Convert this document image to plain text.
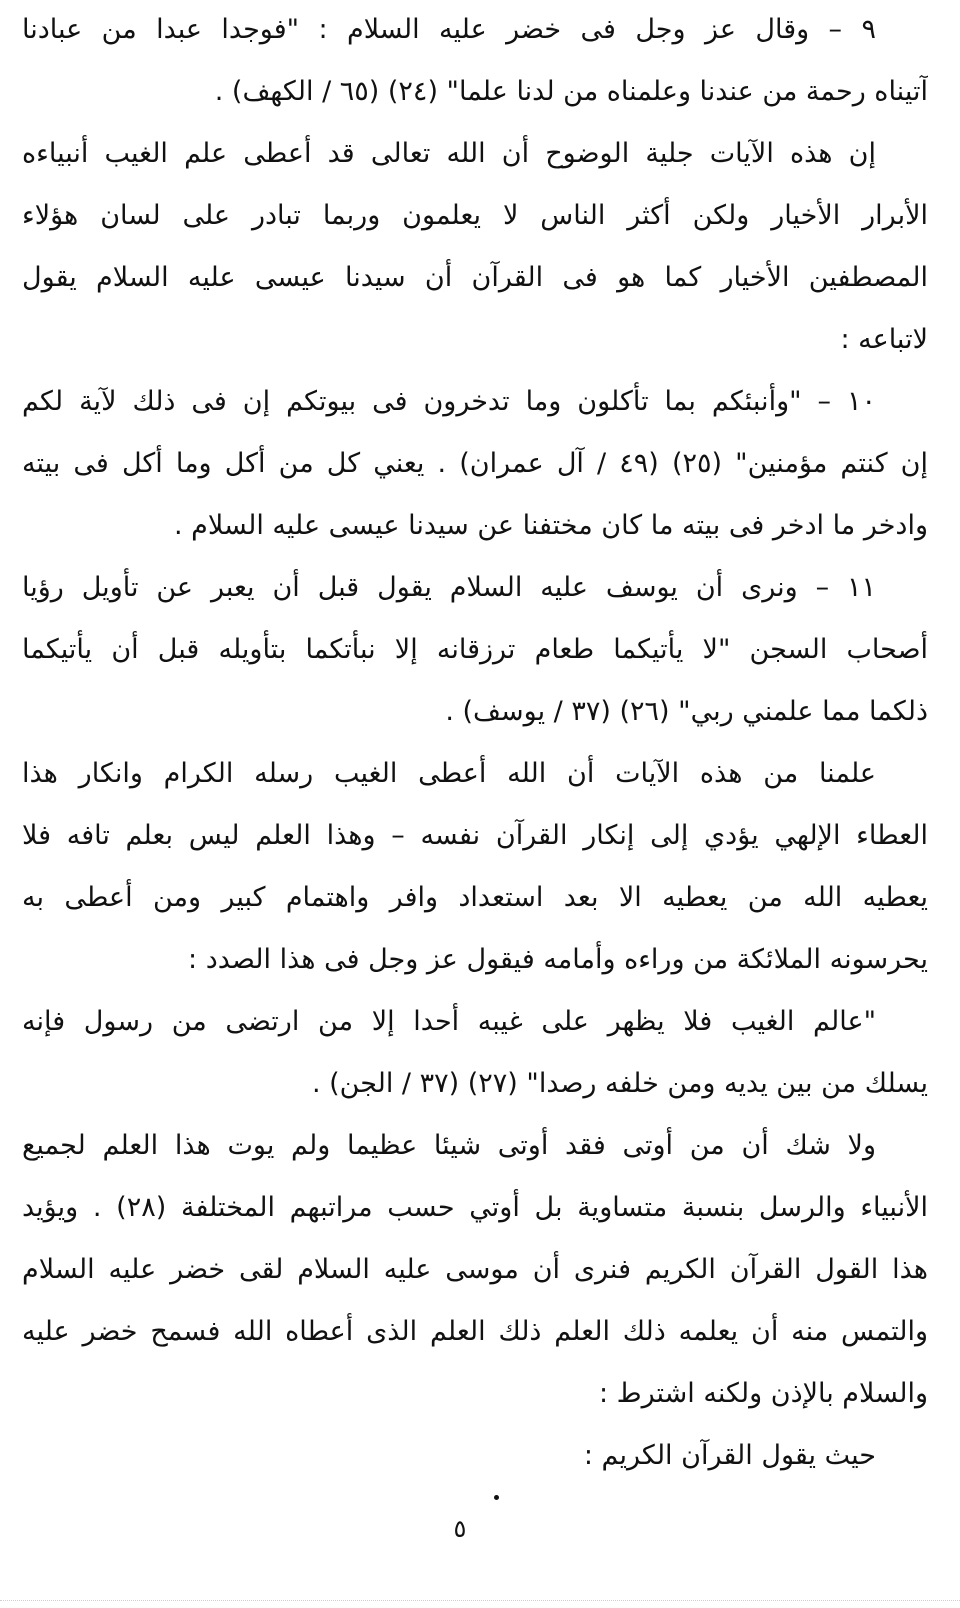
٩ – وقال عز وجل فى خضر عليه السلام : "فوجدا عبدا من عبادنا
آتيناه رحمة من عندنا وعلمناه من لدنا علما" (٢٤) (٦٥ / الكهف) .
إن هذه الآيات جلية الوضوح أن الله تعالى قد أعطى علم الغيب أنبياءه
الأبرار الأخيار ولكن أكثر الناس لا يعلمون وربما تبادر على لسان هؤلاء
المصطفين الأخيار كما هو فى القرآن أن سيدنا عيسى عليه السلام يقول
لاتباعه :
١٠ – "وأنبئكم بما تأكلون وما تدخرون فى بيوتكم إن فى ذلك لآية لكم
إن كنتم مؤمنين" (٢٥) (٤٩ / آل عمران) . يعني كل من أكل وما أكل فى بيته
وادخر ما ادخر فى بيته ما كان مختفنا عن سيدنا عيسى عليه السلام .
١١ – ونرى أن يوسف عليه السلام يقول قبل أن يعبر عن تأويل رؤيا
أصحاب السجن "لا يأتيكما طعام ترزقانه إلا نبأتكما بتأويله قبل أن يأتيكما
ذلكما مما علمني ربي" (٢٦) (٣٧ / يوسف) .
علمنا من هذه الآيات أن الله أعطى الغيب رسله الكرام وانكار هذا
العطاء الإلهي يؤدي إلى إنكار القرآن نفسه – وهذا العلم ليس بعلم تافه فلا
يعطيه الله من يعطيه الا بعد استعداد وافر واهتمام كبير ومن أعطى به
يحرسونه الملائكة من وراءه وأمامه فيقول عز وجل فى هذا الصدد :
"عالم الغيب فلا يظهر على غيبه أحدا إلا من ارتضى من رسول فإنه
يسلك من بين يديه ومن خلفه رصدا" (٢٧) (٣٧ / الجن) .
ولا شك أن من أوتى فقد أوتى شيئا عظيما ولم يوت هذا العلم لجميع
الأنبياء والرسل بنسبة متساوية بل أوتي حسب مراتبهم المختلفة (٢٨) . ويؤيد
هذا القول القرآن الكريم فنرى أن موسى عليه السلام لقى خضر عليه السلام
والتمس منه أن يعلمه ذلك العلم ذلك العلم الذى أعطاه الله فسمح خضر عليه
والسلام بالإذن ولكنه اشترط :
حيث يقول القرآن الكريم :
٥
